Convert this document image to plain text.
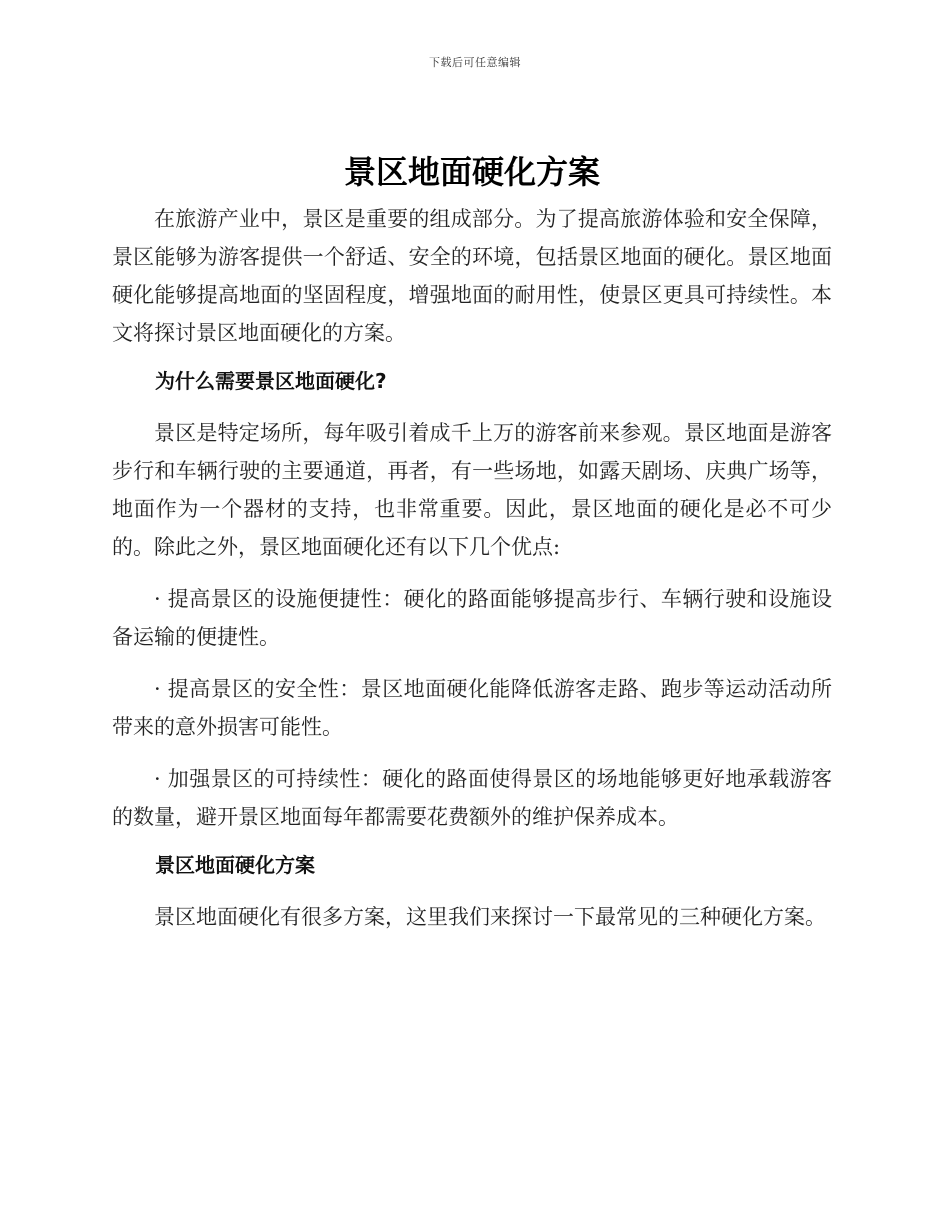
下载后可任意编辑
景区地面硬化方案

在旅游产业中，景区是重要的组成部分。为了提高旅游体验和安全保障，景区能够为游客提供一个舒适、安全的环境，包括景区地面的硬化。景区地面硬化能够提高地面的坚固程度，增强地面的耐用性，使景区更具可持续性。本文将探讨景区地面硬化的方案。

为什么需要景区地面硬化?

景区是特定场所，每年吸引着成千上万的游客前来参观。景区地面是游客步行和车辆行驶的主要通道，再者，有一些场地，如露天剧场、庆典广场等，地面作为一个器材的支持，也非常重要。因此，景区地面的硬化是必不可少的。除此之外，景区地面硬化还有以下几个优点:

· 提高景区的设施便捷性：硬化的路面能够提高步行、车辆行驶和设施设备运输的便捷性。

· 提高景区的安全性：景区地面硬化能降低游客走路、跑步等运动活动所带来的意外损害可能性。

· 加强景区的可持续性：硬化的路面使得景区的场地能够更好地承载游客的数量，避开景区地面每年都需要花费额外的维护保养成本。

景区地面硬化方案

景区地面硬化有很多方案，这里我们来探讨一下最常见的三种硬化方案。
